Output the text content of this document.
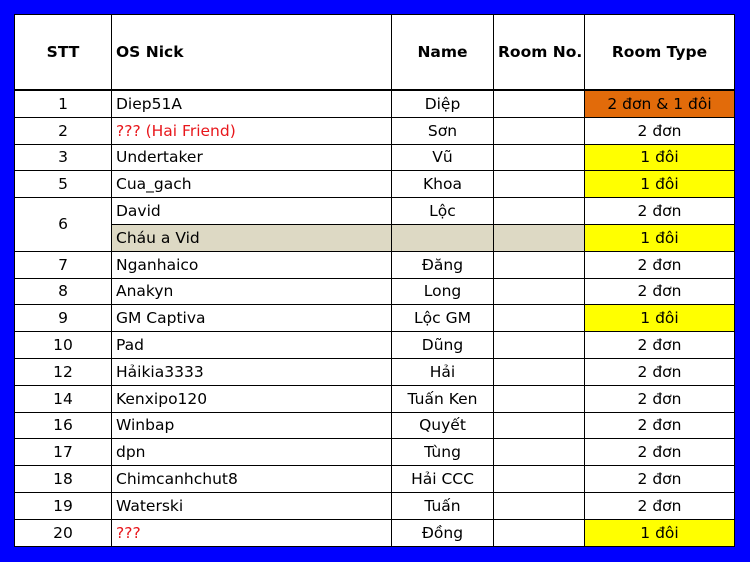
STT	OS Nick	Name	Room No.	Room Type
1	Diep51A	Diệp		2 đơn & 1 đôi
2	??? (Hai Friend)	Sơn		2 đơn
3	Undertaker	Vũ		1 đôi
5	Cua_gach	Khoa		1 đôi
6	David	Lộc		2 đơn
	Cháu a Vid			1 đôi
7	Nganhaico	Đăng		2 đơn
8	Anakyn	Long		2 đơn
9	GM Captiva	Lộc GM		1 đôi
10	Pad	Dũng		2 đơn
12	Hảikia3333	Hải		2 đơn
14	Kenxipo120	Tuấn Ken		2 đơn
16	Winbap	Quyết		2 đơn
17	dpn	Tùng		2 đơn
18	Chimcanhchut8	Hải CCC		2 đơn
19	Waterski	Tuấn		2 đơn
20	???	Đồng		1 đôi
